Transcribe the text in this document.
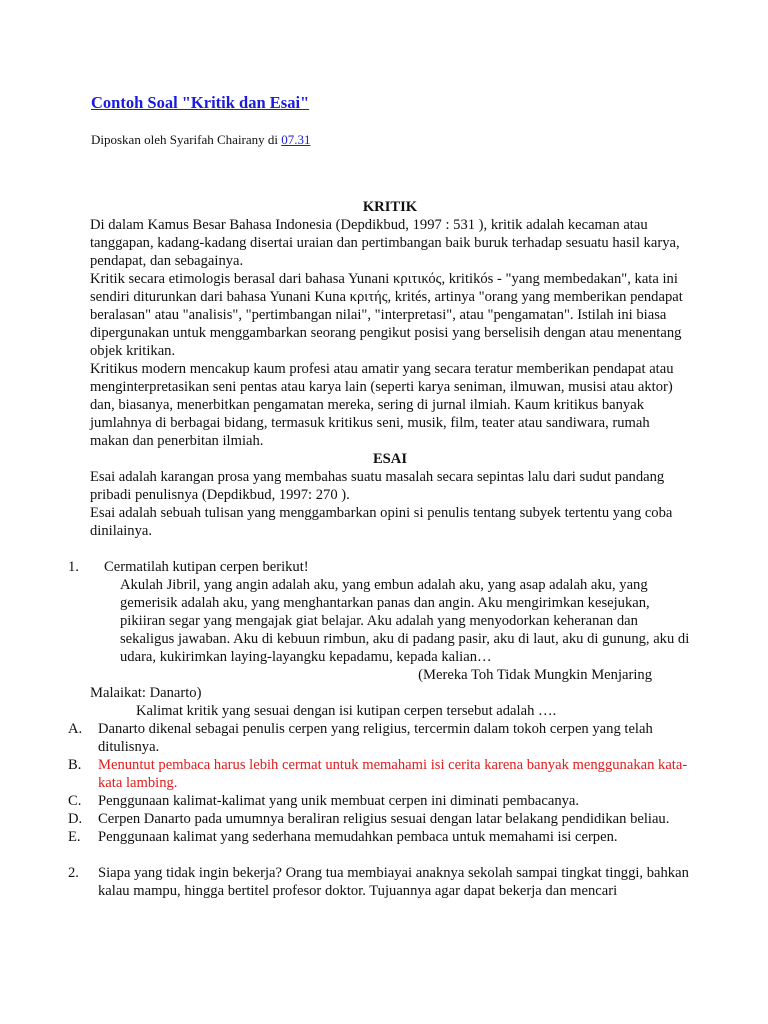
Contoh Soal "Kritik dan Esai"
Diposkan oleh Syarifah Chairany di 07.31

KRITIK

Di dalam Kamus Besar Bahasa Indonesia (Depdikbud, 1997 : 531 ), kritik adalah kecaman atau tanggapan, kadang-kadang disertai uraian dan pertimbangan baik buruk terhadap sesuatu hasil karya, pendapat, dan sebagainya.

Kritik secara etimologis berasal dari bahasa Yunani κριτικός, kritikós - "yang membedakan", kata ini sendiri diturunkan dari bahasa Yunani Kuna κριτής, krités, artinya "orang yang memberikan pendapat beralasan" atau "analisis", "pertimbangan nilai", "interpretasi", atau "pengamatan". Istilah ini biasa dipergunakan untuk menggambarkan seorang pengikut posisi yang berselisih dengan atau menentang objek kritikan.

Kritikus modern mencakup kaum profesi atau amatir yang secara teratur memberikan pendapat atau menginterpretasikan seni pentas atau karya lain (seperti karya seniman, ilmuwan, musisi atau aktor) dan, biasanya, menerbitkan pengamatan mereka, sering di jurnal ilmiah. Kaum kritikus banyak jumlahnya di berbagai bidang, termasuk kritikus seni, musik, film, teater atau sandiwara, rumah makan dan penerbitan ilmiah.

ESAI

Esai adalah karangan prosa yang membahas suatu masalah secara sepintas lalu dari sudut pandang pribadi penulisnya (Depdikbud, 1997: 270 ).

Esai adalah sebuah tulisan yang menggambarkan opini si penulis tentang subyek tertentu yang coba dinilainya.

1.	Cermatilah kutipan cerpen berikut!

Akulah Jibril, yang angin adalah aku, yang embun adalah aku, yang asap adalah aku, yang gemerisik adalah aku, yang menghantarkan panas dan angin. Aku mengirimkan kesejukan, pikiiran segar yang mengajak giat belajar. Aku adalah yang menyodorkan keheranan dan sekaligus jawaban. Aku di kebuun rimbun, aku di padang pasir, aku di laut, aku di gunung, aku di udara, kukirimkan laying-layangku kepadamu, kepada kalian…

(Mereka Toh Tidak Mungkin Menjaring

Malaikat: Danarto)

Kalimat kritik yang sesuai dengan isi kutipan cerpen tersebut adalah ….

A. Danarto dikenal sebagai penulis cerpen yang religius, tercermin dalam tokoh cerpen yang telah ditulisnya.

B. Menuntut pembaca harus lebih cermat untuk memahami isi cerita karena banyak menggunakan kata-kata lambing.

C. Penggunaan kalimat-kalimat yang unik membuat cerpen ini diminati pembacanya.

D. Cerpen Danarto pada umumnya beraliran religius sesuai dengan latar belakang pendidikan beliau.

E. Penggunaan kalimat yang sederhana memudahkan pembaca untuk memahami isi cerpen.

2. Siapa yang tidak ingin bekerja? Orang tua membiayai anaknya sekolah sampai tingkat tinggi, bahkan kalau mampu, hingga bertitel profesor doktor. Tujuannya agar dapat bekerja dan mencari
